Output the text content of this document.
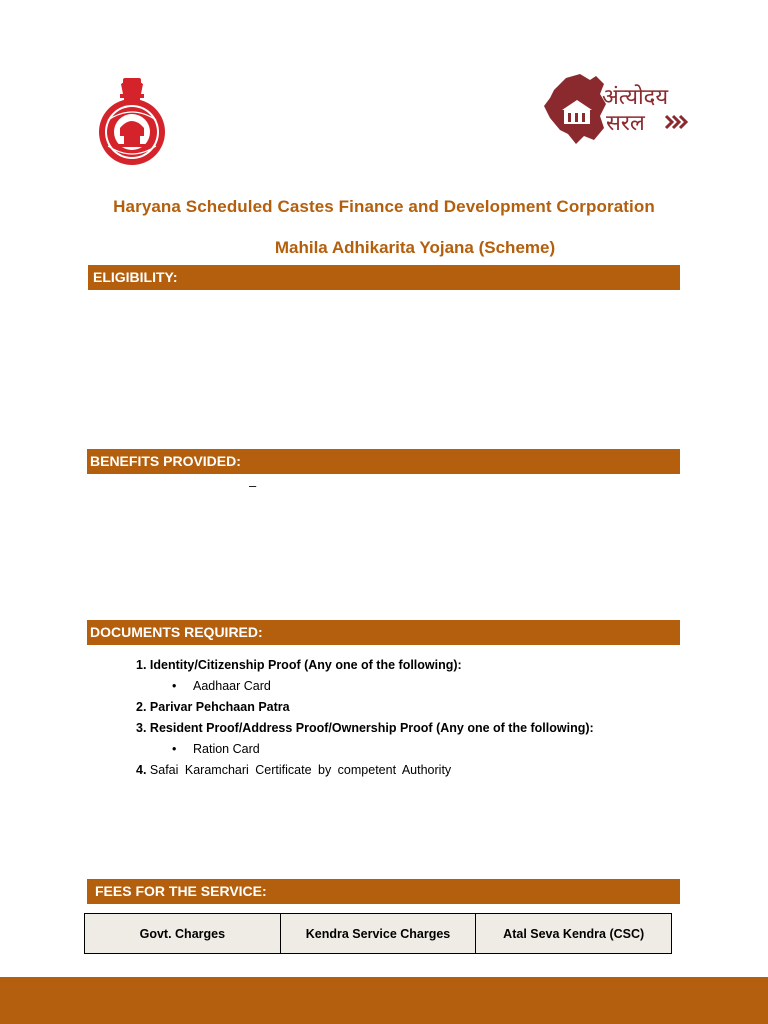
अंत्योदय
सरल
Haryana Scheduled Castes Finance and Development Corporation
Mahila Adhikarita Yojana (Scheme)
ELIGIBILITY:
BENEFITS PROVIDED:
–
DOCUMENTS REQUIRED:
1. Identity/Citizenship Proof (Any one of the following):
•	Aadhaar Card
2. Parivar Pehchaan Patra
3. Resident Proof/Address Proof/Ownership Proof (Any one of the following):
•	Ration Card
4. Safai Karamchari Certificate by competent Authority
FEES FOR THE SERVICE:
Govt. Charges	Kendra Service Charges	Atal Seva Kendra (CSC)
